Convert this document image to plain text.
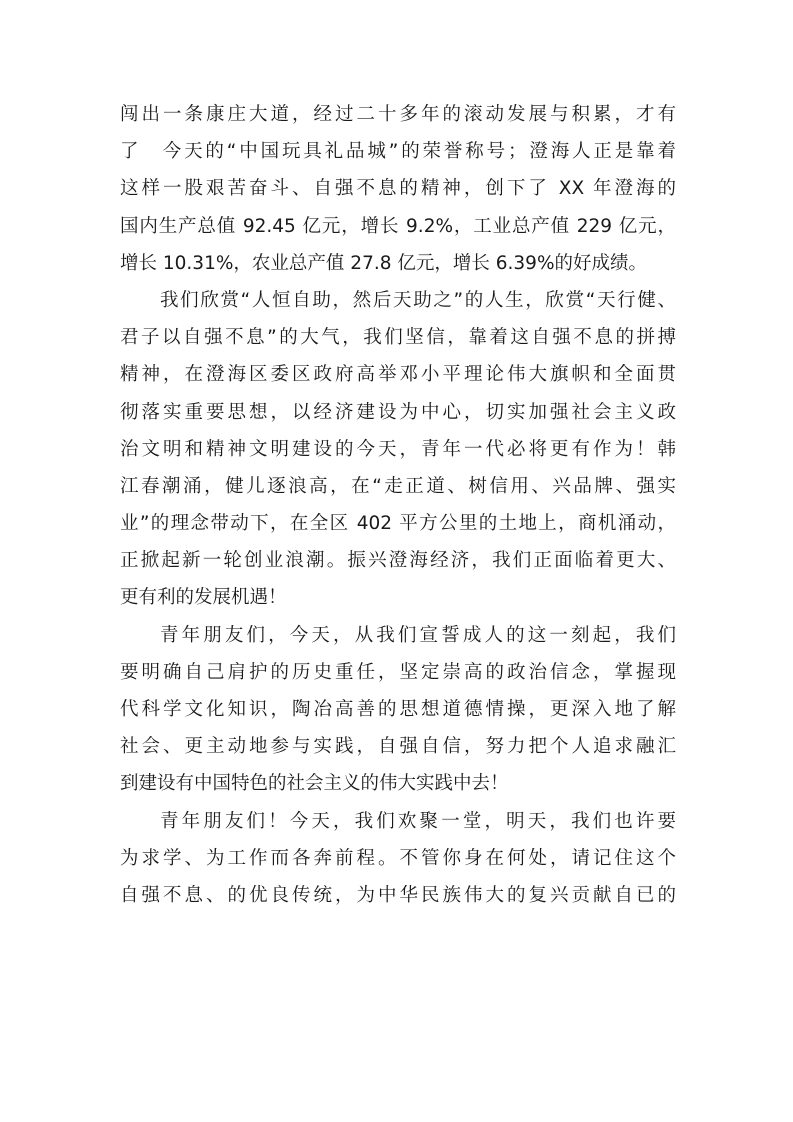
闯出一条康庄大道，经过二十多年的滚动发展与积累，才有
了　今天的“中国玩具礼品城”的荣誉称号；澄海人正是靠着
这样一股艰苦奋斗、自强不息的精神，创下了 XX 年澄海的
国内生产总值 92.45 亿元，增长 9.2%，工业总产值 229 亿元，
增长 10.31%，农业总产值 27.8 亿元，增长 6.39%的好成绩。
我们欣赏“人恒自助，然后天助之”的人生，欣赏“天行健、
君子以自强不息”的大气，我们坚信，靠着这自强不息的拼搏
精神，在澄海区委区政府高举邓小平理论伟大旗帜和全面贯
彻落实重要思想，以经济建设为中心，切实加强社会主义政
治文明和精神文明建设的今天，青年一代必将更有作为！韩
江春潮涌，健儿逐浪高，在“走正道、树信用、兴品牌、强实
业”的理念带动下，在全区 402 平方公里的土地上，商机涌动，
正掀起新一轮创业浪潮。振兴澄海经济，我们正面临着更大、
更有利的发展机遇！
青年朋友们，今天，从我们宣誓成人的这一刻起，我们
要明确自己肩护的历史重任，坚定崇高的政治信念，掌握现
代科学文化知识，陶冶高善的思想道德情操，更深入地了解
社会、更主动地参与实践，自强自信，努力把个人追求融汇
到建设有中国特色的社会主义的伟大实践中去！
青年朋友们！今天，我们欢聚一堂，明天，我们也许要
为求学、为工作而各奔前程。不管你身在何处，请记住这个
自强不息、的优良传统，为中华民族伟大的复兴贡献自已的
